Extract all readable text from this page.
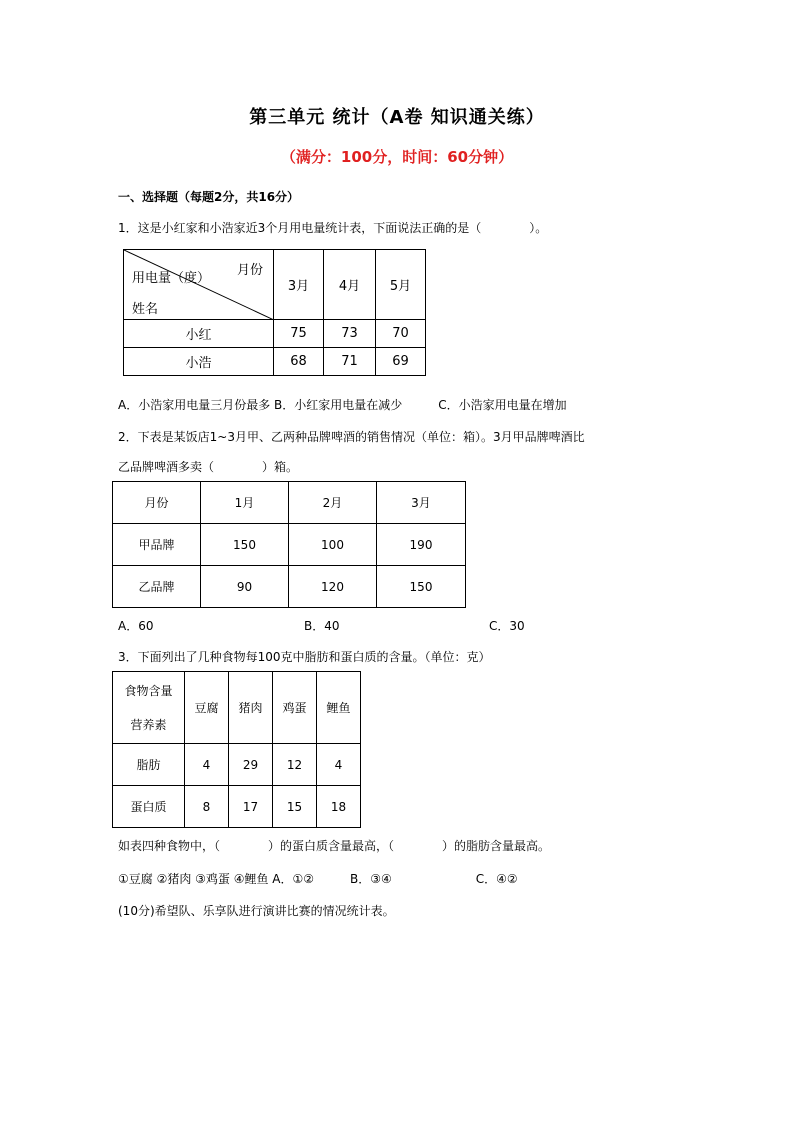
第三单元 统计（A卷 知识通关练）
（满分：100分，时间：60分钟）
一、选择题（每题2分，共16分）
1．这是小红家和小浩家近3个月用电量统计表，下面说法正确的是（　　　　）。
月份
用电量（度）
姓名	3月	4月	5月
小红	75	73	70
小浩	68	71	69
A．小浩家用电量三月份最多 B．小红家用电量在减少　　　C．小浩家用电量在增加
2．下表是某饭店1~3月甲、乙两种品牌啤酒的销售情况（单位：箱）。3月甲品牌啤酒比
乙品牌啤酒多卖（　　　　）箱。
月份	1月	2月	3月
甲品牌	150	100	190
乙品牌	90	120	150
A．60	B．40	C．30
3．下面列出了几种食物每100克中脂肪和蛋白质的含量。（单位：克）
食物含量
营养素	豆腐	猪肉	鸡蛋	鲤鱼
脂肪	4	29	12	4
蛋白质	8	17	15	18
如表四种食物中，（　　　　）的蛋白质含量最高，（　　　　）的脂肪含量最高。
①豆腐 ②猪肉 ③鸡蛋 ④鲤鱼 A．①②　　　B．③④　　　　　　　C．④②
(10分)希望队、乐享队进行演讲比赛的情况统计表。
